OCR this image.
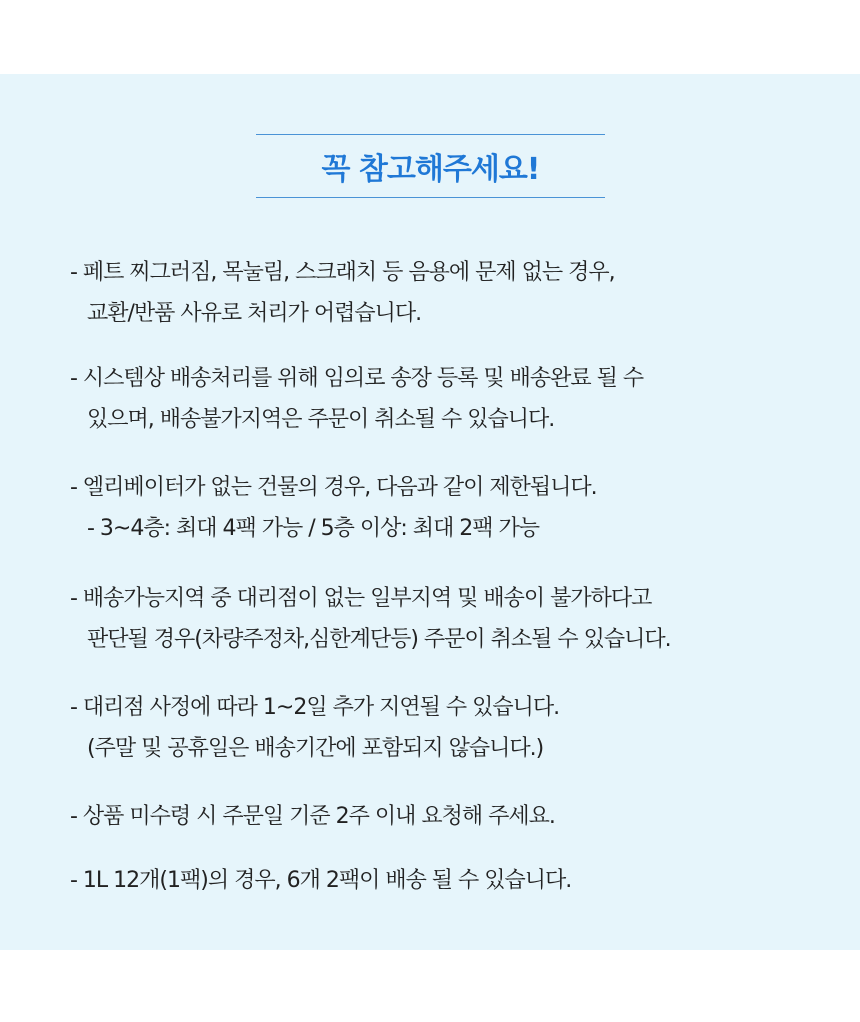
꼭 참고해주세요!
- 페트 찌그러짐, 목눌림, 스크래치 등 음용에 문제 없는 경우,
교환/반품 사유로 처리가 어렵습니다.
- 시스템상 배송처리를 위해 임의로 송장 등록 및 배송완료 될 수
있으며, 배송불가지역은 주문이 취소될 수 있습니다.
- 엘리베이터가 없는 건물의 경우, 다음과 같이 제한됩니다.
- 3~4층: 최대 4팩 가능 / 5층 이상: 최대 2팩 가능
- 배송가능지역 중 대리점이 없는 일부지역 및 배송이 불가하다고
판단될 경우(차량주정차,심한계단등) 주문이 취소될 수 있습니다.
- 대리점 사정에 따라 1~2일 추가 지연될 수 있습니다.
(주말 및 공휴일은 배송기간에 포함되지 않습니다.)
- 상품 미수령 시 주문일 기준 2주 이내 요청해 주세요.
- 1L 12개(1팩)의 경우, 6개 2팩이 배송 될 수 있습니다.
